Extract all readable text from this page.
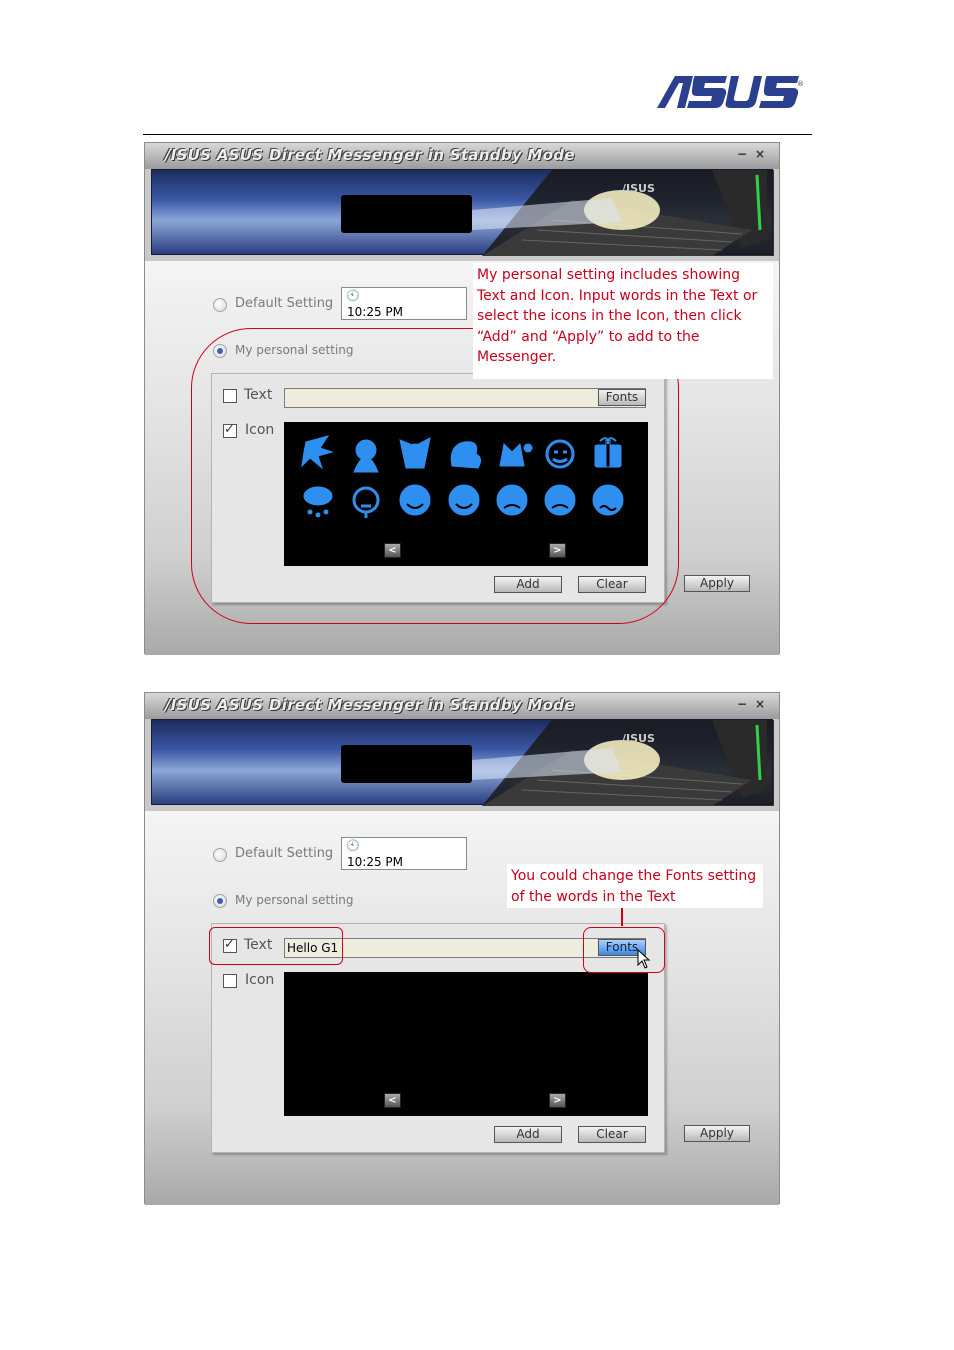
®
/ISUS ASUS Direct Messenger in Standby Mode	− ×
/ISUS
Default Setting
🕙
10:25 PM
My personal setting
Text	Fonts
✓
Icon
<	>
Add	Clear	Apply
My personal setting includes showing Text and Icon. Input words in the Text or select the icons in the Icon, then click “Add” and “Apply” to add to the Messenger.
/ISUS ASUS Direct Messenger in Standby Mode	− ×
/ISUS
Default Setting
🕙
10:25 PM
My personal setting
✓
Text Hello G1	Fonts
Icon
<	>
Add	Clear	Apply
You could change the Fonts setting of the words in the Text
